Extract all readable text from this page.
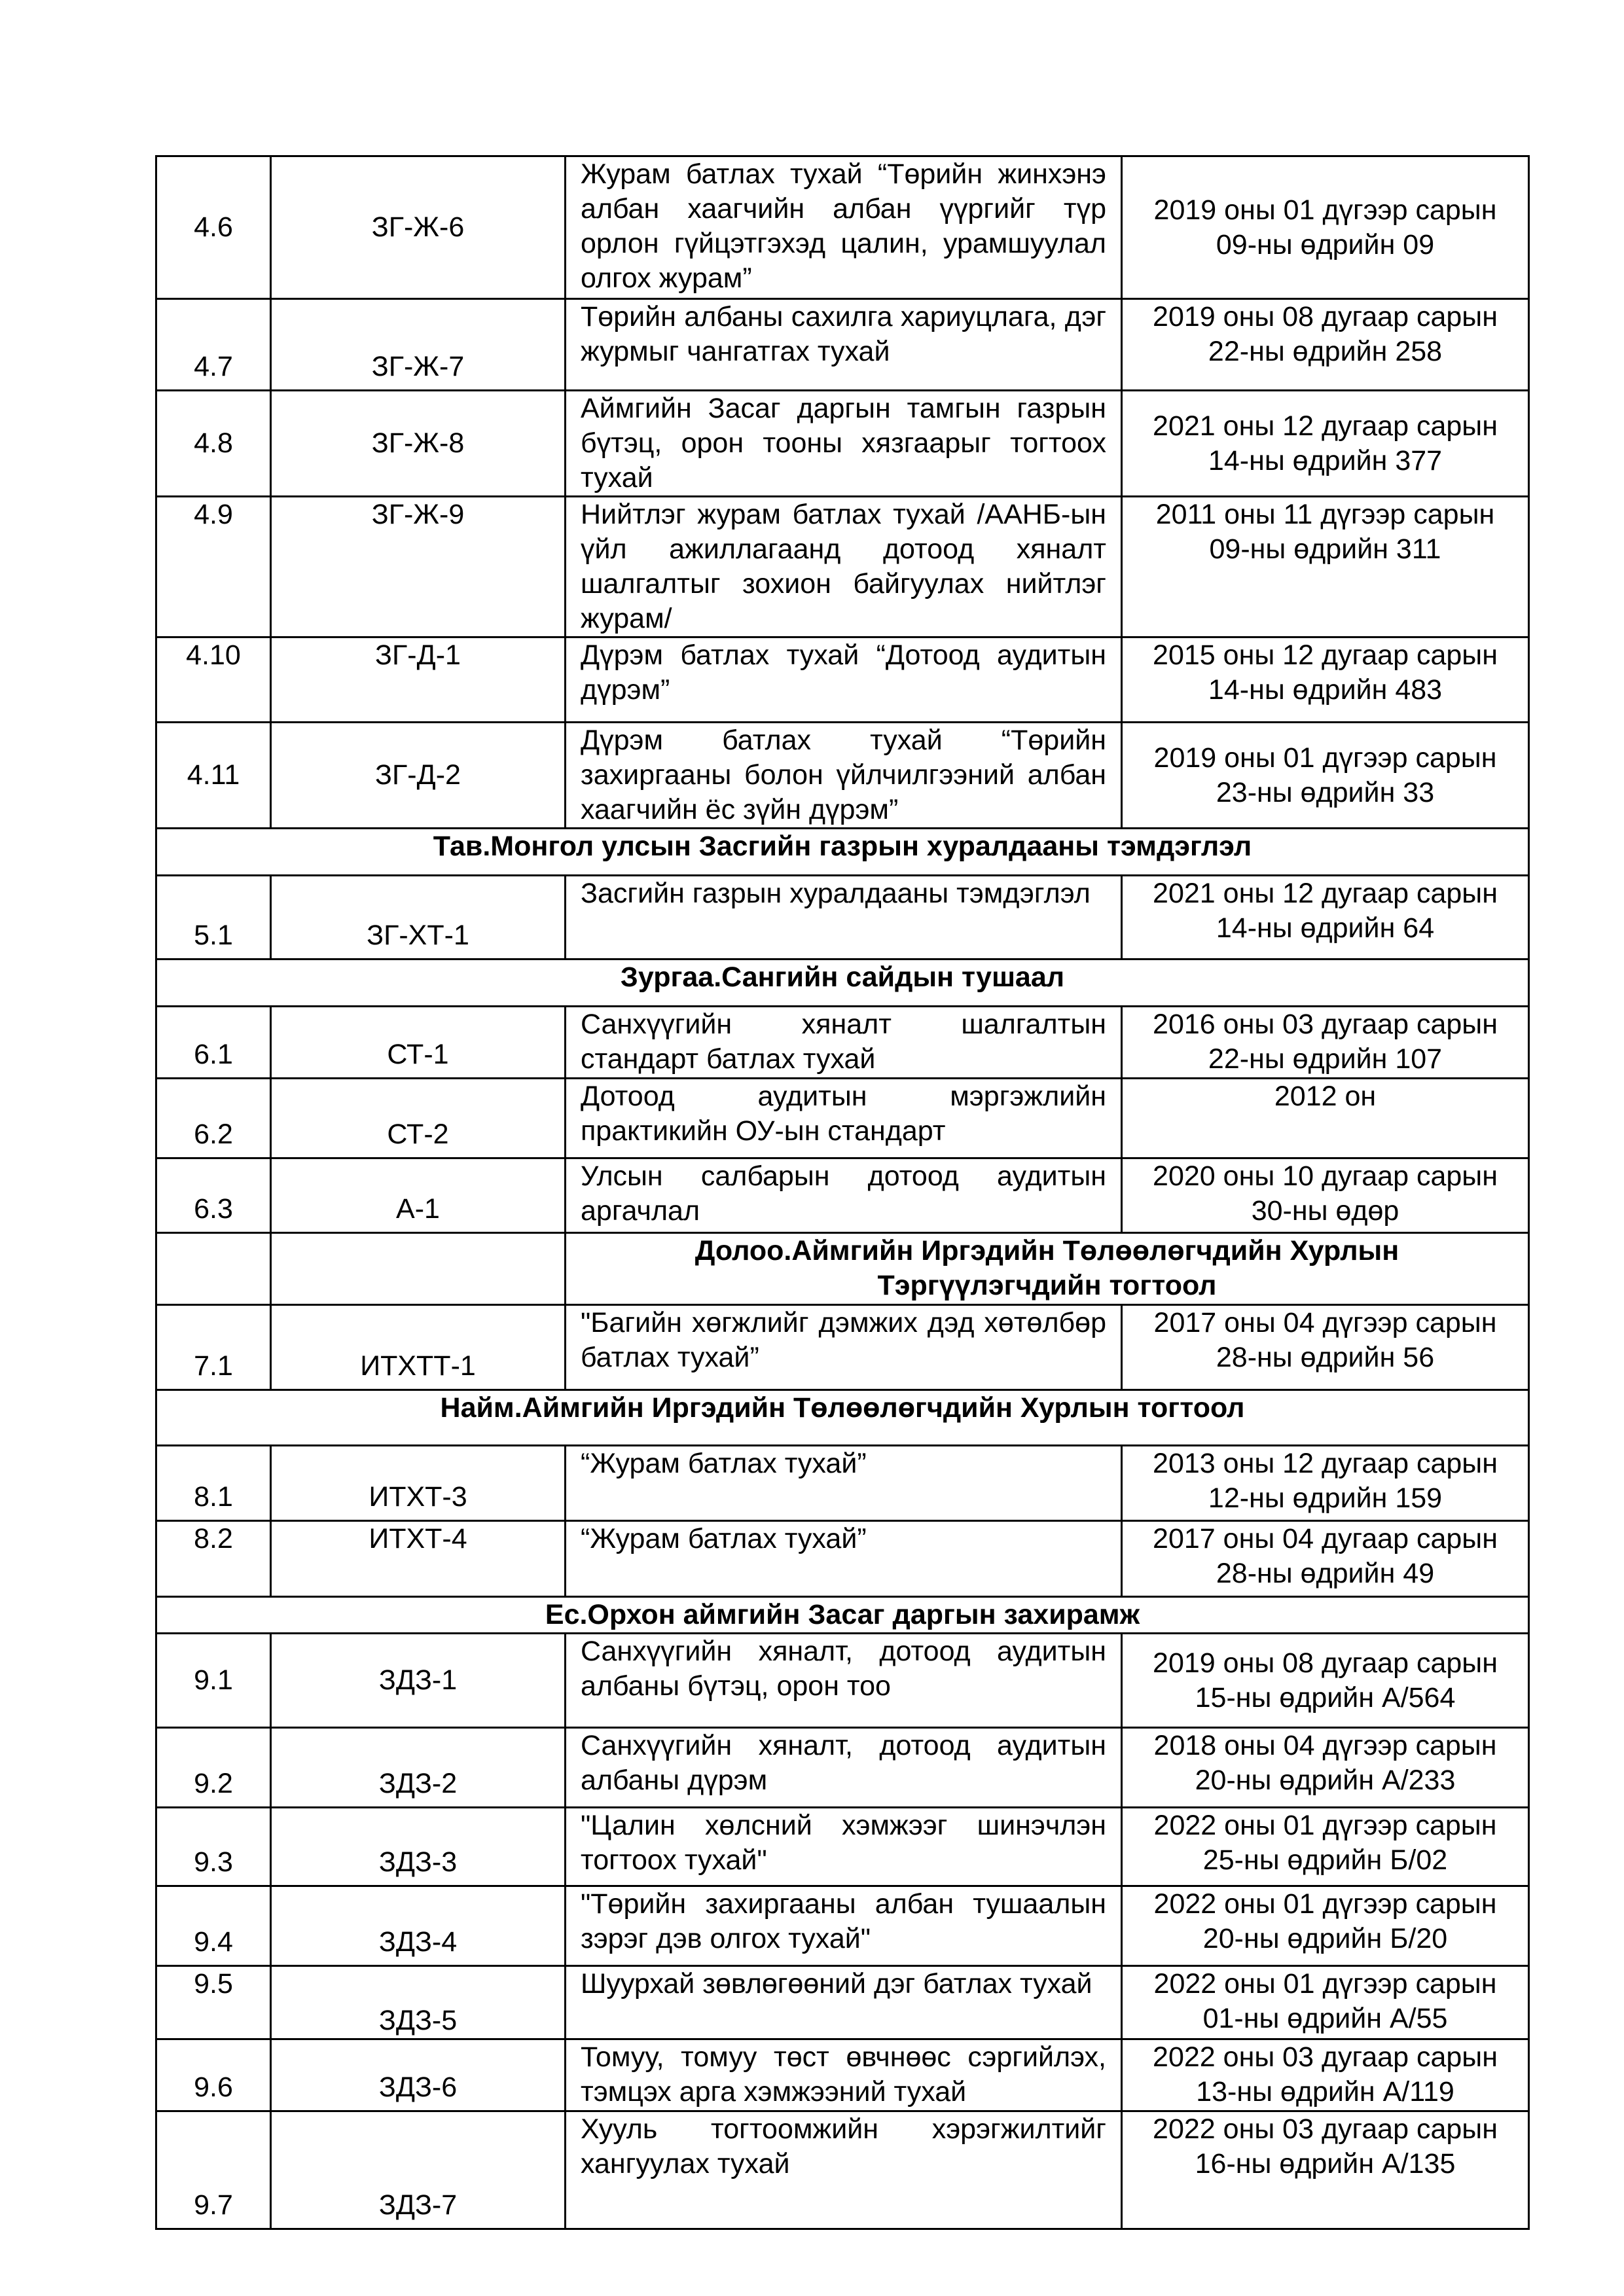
4.6	ЗГ-Ж-6	Журам батлах тухай “Төрийн жинхэнэ албан хаагчийн албан үүргийг түр орлон гүйцэтгэхэд цалин, урамшуулал олгох журам”	2019 оны 01 дүгээр сарын 09-ны өдрийн 09
4.7	ЗГ-Ж-7	Төрийн албаны сахилга хариуцлага, дэг журмыг чангатгах тухай	2019 оны 08 дугаар сарын 22-ны өдрийн 258
4.8	ЗГ-Ж-8	Аймгийн Засаг даргын тамгын газрын бүтэц, орон тооны хязгаарыг тогтоох тухай	2021 оны 12 дугаар сарын 14-ны өдрийн 377
4.9	ЗГ-Ж-9	Нийтлэг журам батлах тухай /ААНБ-ын үйл ажиллагаанд дотоод хяналт шалгалтыг зохион байгуулах нийтлэг журам/	2011 оны 11 дүгээр сарын 09-ны өдрийн 311
4.10	ЗГ-Д-1	Дүрэм батлах тухай “Дотоод аудитын дүрэм”	2015 оны 12 дугаар сарын 14-ны өдрийн 483
4.11	ЗГ-Д-2	Дүрэм батлах тухай “Төрийн захиргааны болон үйлчилгээний албан хаагчийн ёс зүйн дүрэм”	2019 оны 01 дүгээр сарын 23-ны өдрийн 33
Тав.Монгол улсын Засгийн газрын хуралдааны тэмдэглэл			
5.1	ЗГ-ХТ-1	Засгийн газрын хуралдааны тэмдэглэл	2021 оны 12 дугаар сарын 14-ны өдрийн 64
Зургаа.Сангийн сайдын тушаал			
6.1	СТ-1	Санхүүгийн хяналт шалгалтын стандарт батлах тухай	2016 оны 03 дугаар сарын 22-ны өдрийн 107
6.2	СТ-2	Дотоод аудитын мэргэжлийн практикийн ОУ-ын стандарт	2012 он
6.3	А-1	Улсын салбарын дотоод аудитын аргачлал	2020 оны 10 дугаар сарын 30-ны өдөр
		Долоо.Аймгийн Иргэдийн Төлөөлөгчдийн Хурлын Тэргүүлэгчдийн тогтоол	
7.1	ИТХТТ-1	"Багийн хөгжлийг дэмжих дэд хөтөлбөр батлах тухай”	2017 оны 04 дүгээр сарын 28-ны өдрийн 56
Найм.Аймгийн Иргэдийн Төлөөлөгчдийн Хурлын тогтоол			
8.1	ИТХТ-3	“Журам батлах тухай”	2013 оны 12 дугаар сарын 12-ны өдрийн 159
8.2	ИТХТ-4	“Журам батлах тухай”	2017 оны 04 дугаар сарын 28-ны өдрийн 49
Ес.Орхон аймгийн Засаг даргын захирамж			
9.1	ЗДЗ-1	Санхүүгийн хяналт, дотоод аудитын албаны бүтэц, орон тоо	2019 оны 08 дугаар сарын 15-ны өдрийн А/564
9.2	ЗДЗ-2	Санхүүгийн хяналт, дотоод аудитын албаны дүрэм	2018 оны 04 дүгээр сарын 20-ны өдрийн А/233
9.3	ЗДЗ-3	"Цалин хөлсний хэмжээг шинэчлэн тогтоох тухай"	2022 оны 01 дүгээр сарын 25-ны өдрийн Б/02
9.4	ЗДЗ-4	"Төрийн захиргааны албан тушаалын зэрэг дэв олгох тухай"	2022 оны 01 дүгээр сарын 20-ны өдрийн Б/20
9.5	ЗДЗ-5	Шуурхай зөвлөгөөний дэг батлах тухай	2022 оны 01 дүгээр сарын 01-ны өдрийн А/55
9.6	ЗДЗ-6	Томуу, томуу төст өвчнөөс сэргийлэх, тэмцэх арга хэмжээний тухай	2022 оны 03 дугаар сарын 13-ны өдрийн А/119
9.7	ЗДЗ-7	Хууль тогтоомжийн хэрэгжилтийг хангуулах тухай	2022 оны 03 дугаар сарын 16-ны өдрийн А/135
